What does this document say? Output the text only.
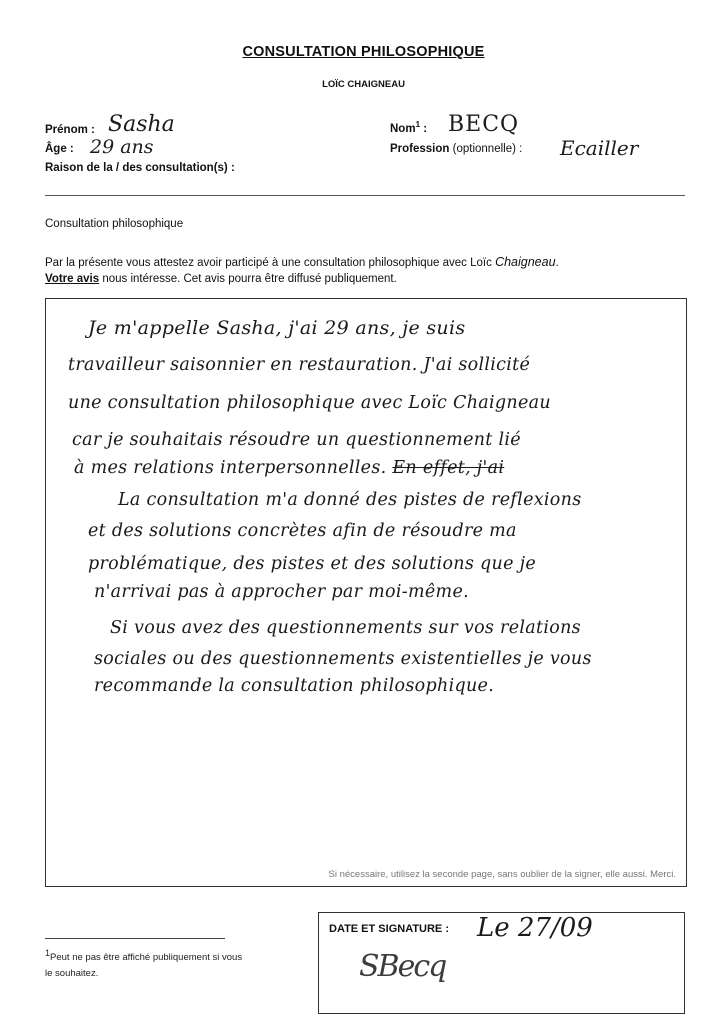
CONSULTATION PHILOSOPHIQUE
LOÏC CHAIGNEAU
Prénom : Sasha
Âge : 29 ans
Raison de la / des consultation(s) :
Nom$^1$ : BECQ
Profession (optionnelle) : Ecailler
Consultation philosophique
Par la présente vous attestez avoir participé à une consultation philosophique avec Loïc Chaigneau.
Votre avis nous intéresse. Cet avis pourra être diffusé publiquement.
Je m'appelle Sasha, j'ai 29 ans, je suis
travailleur saisonnier en restauration. J'ai sollicité
une consultation philosophique avec Loïc Chaigneau
car je souhaitais résoudre un questionnement lié
à mes relations interpersonnelles. En effet, j'ai
La consultation m'a donné des pistes de reflexions
et des solutions concrètes afin de résoudre ma
problématique, des pistes et des solutions que je
n'arrivai pas à approcher par moi-même.
Si vous avez des questionnements sur vos relations
sociales ou des questionnements existentielles je vous
recommande la consultation philosophique.
Si nécessaire, utilisez la seconde page, sans oublier de la signer, elle aussi. Merci.
DATE ET SIGNATURE : Le 27/09
SBecq
$^1$Peut ne pas être affiché publiquement si vous
le souhaitez.
